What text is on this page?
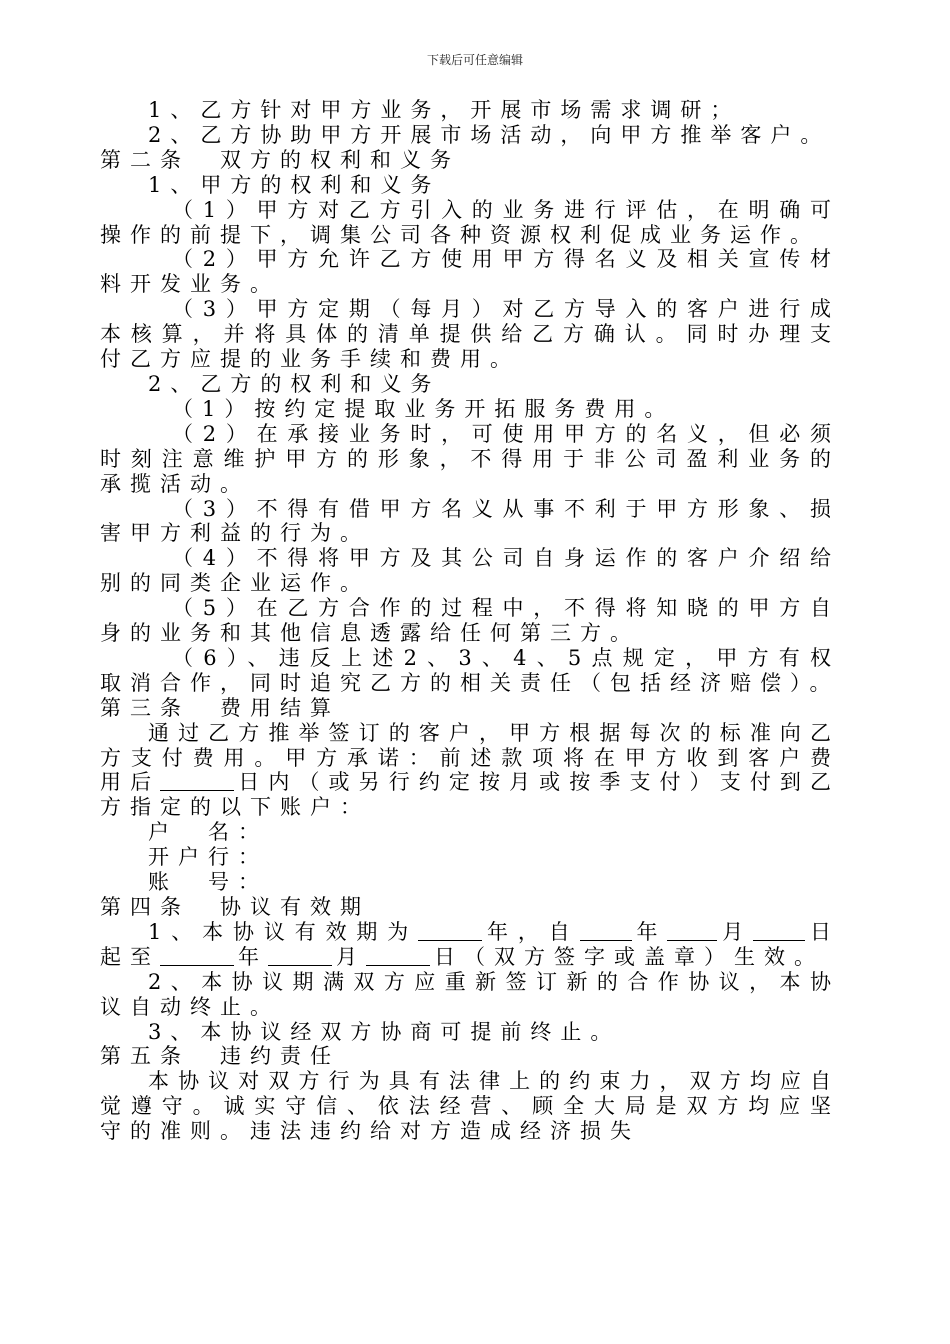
下载后可任意编辑

1、乙方针对甲方业务，开展市场需求调研；

2、乙方协助甲方开展市场活动，向甲方推举客户。

第二条　双方的权利和义务

1、甲方的权利和义务

（1）甲方对乙方引入的业务进行评估，在明确可操作的前提下，调集公司各种资源权利促成业务运作。

（2）甲方允许乙方使用甲方得名义及相关宣传材料开发业务。

（3）甲方定期（每月）对乙方导入的客户进行成本核算，并将具体的清单提供给乙方确认。同时办理支付乙方应提的业务手续和费用。

2、乙方的权利和义务

（1）按约定提取业务开拓服务费用。

（2）在承接业务时，可使用甲方的名义，但必须时刻注意维护甲方的形象，不得用于非公司盈利业务的承揽活动。

（3）不得有借甲方名义从事不利于甲方形象、损害甲方利益的行为。

（4）不得将甲方及其公司自身运作的客户介绍给别的同类企业运作。

（5）在乙方合作的过程中，不得将知晓的甲方自身的业务和其他信息透露给任何第三方。

（6）、违反上述2、3、4、5点规定，甲方有权取消合作，同时追究乙方的相关责任（包括经济赔偿）。

第三条　费用结算

通过乙方推举签订的客户，甲方根据每次的标准向乙方支付费用。甲方承诺：前述款项将在甲方收到客户费用后	日内（或另行约定按月或按季支付）支付到乙方指定的以下账户：

户　名：

开户行：

账　号：

第四条　协议有效期

1、本协议有效期为	年，自	年	月	日起至	年	月	日（双方签字或盖章）生效。

2、本协议期满双方应重新签订新的合作协议，本协议自动终止。

3、本协议经双方协商可提前终止。

第五条　违约责任

本协议对双方行为具有法律上的约束力，双方均应自觉遵守。诚实守信、依法经营、顾全大局是双方均应坚守的准则。违法违约给对方造成经济损失
